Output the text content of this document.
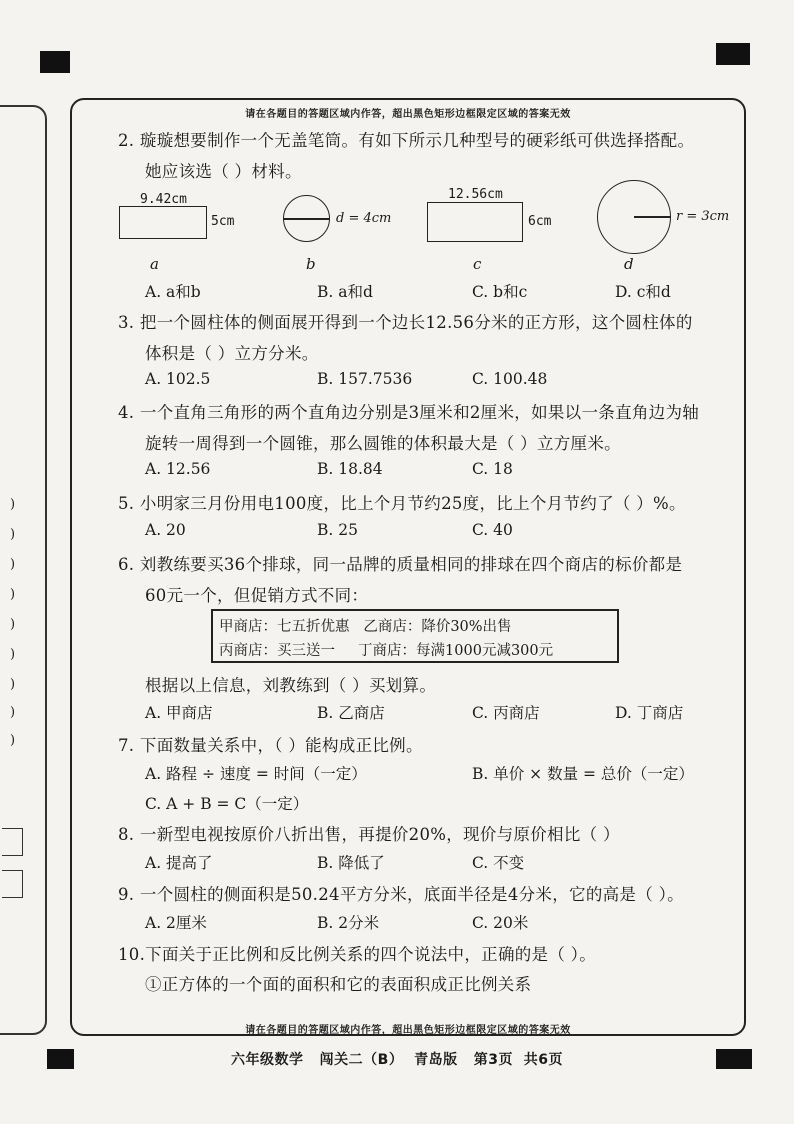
)
)
)
)
)
)
)
)
)
请在各题目的答题区域内作答，超出黑色矩形边框限定区域的答案无效
请在各题目的答题区域内作答，超出黑色矩形边框限定区域的答案无效
2. 璇璇想要制作一个无盖笔筒。有如下所示几种型号的硬彩纸可供选择搭配。
她应该选（ ）材料。
9.42cm
5cm
a
d = 4cm
b
12.56cm
6cm
c
r = 3cm
d
A. a和b	B. a和d	C. b和c	D. c和d
3. 把一个圆柱体的侧面展开得到一个边长12.56分米的正方形，这个圆柱体的
体积是（ ）立方分米。
A. 102.5	B. 157.7536	C. 100.48
4. 一个直角三角形的两个直角边分别是3厘米和2厘米，如果以一条直角边为轴
旋转一周得到一个圆锥，那么圆锥的体积最大是（ ）立方厘米。
A. 12.56	B. 18.84	C. 18
5. 小明家三月份用电100度，比上个月节约25度，比上个月节约了（ ）%。
A. 20	B. 25	C. 40
6. 刘教练要买36个排球，同一品牌的质量相同的排球在四个商店的标价都是
60元一个，但促销方式不同：
甲商店：七五折优惠   乙商店：降价30%出售
丙商店：买三送一     丁商店：每满1000元减300元
根据以上信息，刘教练到（ ）买划算。
A. 甲商店	B. 乙商店	C. 丙商店	D. 丁商店
7. 下面数量关系中，（ ）能构成正比例。
A. 路程 ÷ 速度 = 时间（一定）	B. 单价 × 数量 = 总价（一定）
C. A + B = C（一定）
8. 一新型电视按原价八折出售，再提价20%，现价与原价相比（ ）
A. 提高了	B. 降低了	C. 不变
9. 一个圆柱的侧面积是50.24平方分米，底面半径是4分米，它的高是（ ）。
A. 2厘米	B. 2分米	C. 20米
10.下面关于正比例和反比例关系的四个说法中，正确的是（ ）。
①正方体的一个面的面积和它的表面积成正比例关系
六年级数学   闯关二（B）  青岛版   第3页  共6页
